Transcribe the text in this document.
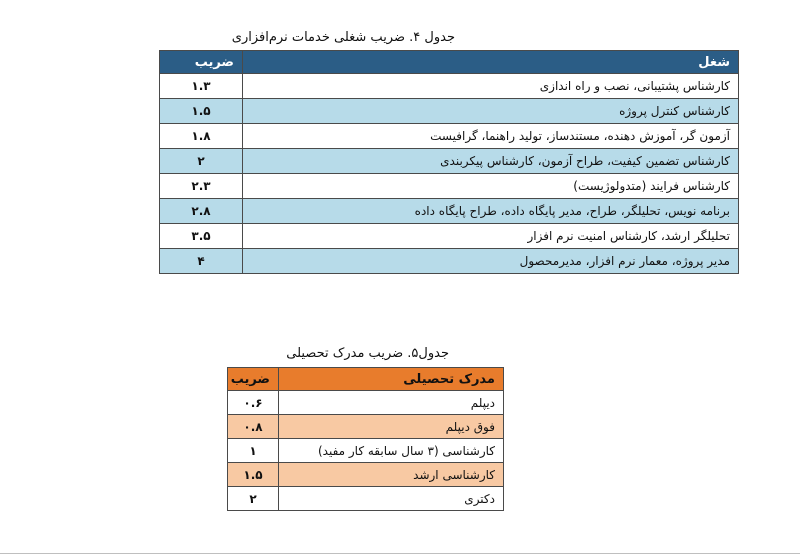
جدول ۴. ضریب شغلی خدمات نرم‌افزاری
شغل	ضریب
کارشناس پشتیبانی، نصب و راه اندازی	۱.۳
کارشناس کنترل پروژه	۱.۵
آزمون گر، آموزش دهنده، مستندساز، تولید راهنما، گرافیست	۱.۸
کارشناس تضمین کیفیت، طراح آزمون، کارشناس پیکربندی	۲
کارشناس فرایند (متدولوژیست)	۲.۳
برنامه نویس، تحلیلگر، طراح، مدیر پایگاه داده، طراح پایگاه داده	۲.۸
تحلیلگر ارشد، کارشناس امنیت نرم افزار	۳.۵
مدیر پروژه، معمار نرم افزار، مدیرمحصول	۴
جدول۵. ضریب مدرک تحصیلی
مدرک تحصیلی	ضریب
دیپلم	۰.۶
فوق دیپلم	۰.۸
کارشناسی (۳ سال سابقه کار مفید)	۱
کارشناسی ارشد	۱.۵
دکتری	۲
